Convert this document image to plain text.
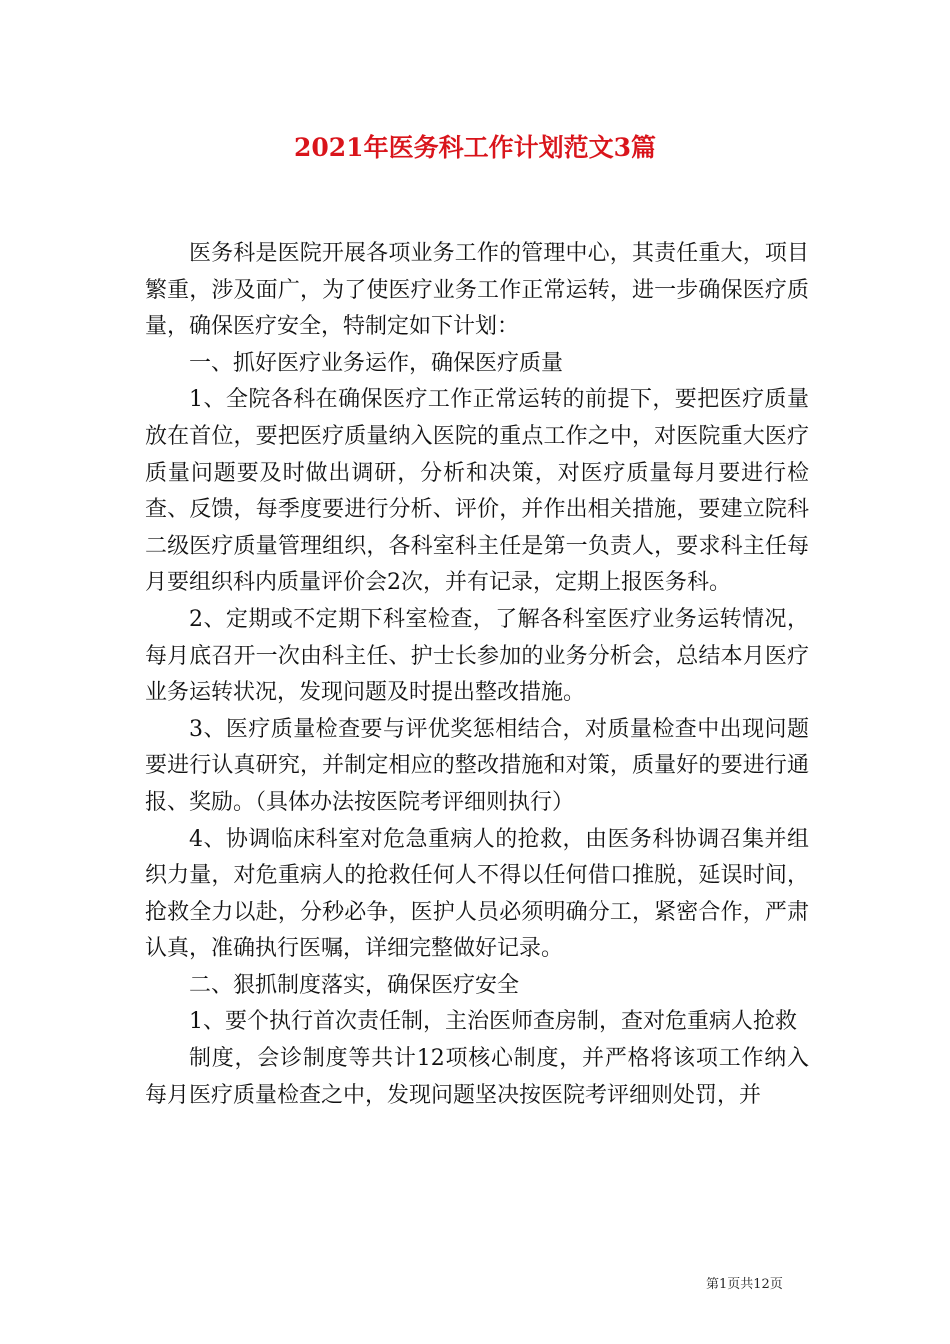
2021年医务科工作计划范文3篇

医务科是医院开展各项业务工作的管理中心，其责任重大，项目繁重，涉及面广，为了使医疗业务工作正常运转，进一步确保医疗质量，确保医疗安全，特制定如下计划：

一、抓好医疗业务运作，确保医疗质量

1、全院各科在确保医疗工作正常运转的前提下，要把医疗质量放在首位，要把医疗质量纳入医院的重点工作之中，对医院重大医疗质量问题要及时做出调研，分析和决策，对医疗质量每月要进行检查、反馈，每季度要进行分析、评价，并作出相关措施，要建立院科二级医疗质量管理组织，各科室科主任是第一负责人，要求科主任每月要组织科内质量评价会2次，并有记录，定期上报医务科。

2、定期或不定期下科室检查，了解各科室医疗业务运转情况，每月底召开一次由科主任、护士长参加的业务分析会，总结本月医疗业务运转状况，发现问题及时提出整改措施。

3、医疗质量检查要与评优奖惩相结合，对质量检查中出现问题要进行认真研究，并制定相应的整改措施和对策，质量好的要进行通报、奖励。（具体办法按医院考评细则执行）

4、协调临床科室对危急重病人的抢救，由医务科协调召集并组织力量，对危重病人的抢救任何人不得以任何借口推脱，延误时间，抢救全力以赴，分秒必争，医护人员必须明确分工，紧密合作，严肃认真，准确执行医嘱，详细完整做好记录。

二、狠抓制度落实，确保医疗安全

1、要个执行首次责任制，主治医师查房制，查对危重病人抢救

制度，会诊制度等共计12项核心制度，并严格将该项工作纳入每月医疗质量检查之中，发现问题坚决按医院考评细则处罚，并

第1页共12页
